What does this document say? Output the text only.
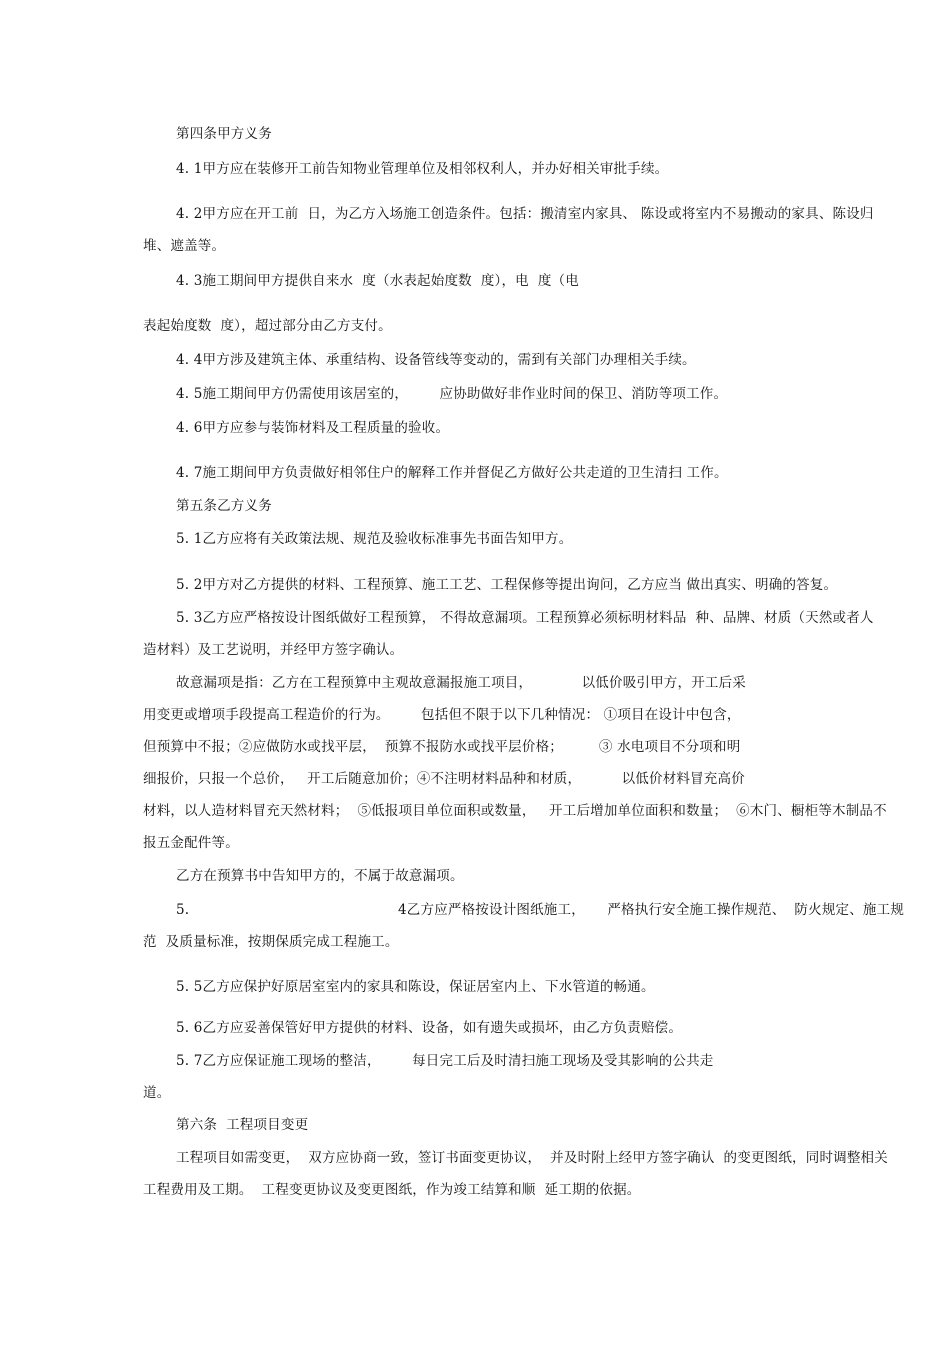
第四条甲方义务
4. 1甲方应在装修开工前告知物业管理单位及相邻权利人，并办好相关审批手续。
4. 2甲方应在开工前  日，为乙方入场施工创造条件。包括：搬清室内家具、 陈设或将室内不易搬动的家具、陈设归
堆、遮盖等。
4. 3施工期间甲方提供自来水  度（水表起始度数  度），电  度（电
表起始度数  度），超过部分由乙方支付。
4. 4甲方涉及建筑主体、承重结构、设备管线等变动的，需到有关部门办理相关手续。
4. 5施工期间甲方仍需使用该居室的，       应协助做好非作业时间的保卫、消防等项工作。
4. 6甲方应参与装饰材料及工程质量的验收。
4. 7施工期间甲方负责做好相邻住户的解释工作并督促乙方做好公共走道的卫生清扫 工作。
第五条乙方义务
5. 1乙方应将有关政策法规、规范及验收标准事先书面告知甲方。
5. 2甲方对乙方提供的材料、工程预算、施工工艺、工程保修等提出询问，乙方应当 做出真实、明确的答复。
5. 3乙方应严格按设计图纸做好工程预算， 不得故意漏项。工程预算必须标明材料品  种、品牌、材质（天然或者人
造材料）及工艺说明，并经甲方签字确认。
故意漏项是指：乙方在工程预算中主观故意漏报施工项目，           以低价吸引甲方，开工后采
用变更或增项手段提高工程造价的行为。       包括但不限于以下几种情况： ①项目在设计中包含，
但预算中不报；②应做防水或找平层，  预算不报防水或找平层价格；        ③ 水电项目不分项和明
细报价，只报一个总价，   开工后随意加价；④不注明材料品种和材质，         以低价材料冒充高价
材料，以人造材料冒充天然材料；  ⑤低报项目单位面积或数量，   开工后增加单位面积和数量；  ⑥木门、橱柜等木制品不
报五金配件等。
乙方在预算书中告知甲方的，不属于故意漏项。
5.	4乙方应严格按设计图纸施工，     严格执行安全施工操作规范、  防火规定、施工规
范  及质量标准，按期保质完成工程施工。
5. 5乙方应保护好原居室室内的家具和陈设，保证居室内上、下水管道的畅通。
5. 6乙方应妥善保管好甲方提供的材料、设备，如有遗失或损坏，由乙方负责赔偿。
5. 7乙方应保证施工现场的整洁，       每日完工后及时清扫施工现场及受其影响的公共走
道。
第六条  工程项目变更
工程项目如需变更，  双方应协商一致，签订书面变更协议，  并及时附上经甲方签字确认  的变更图纸，同时调整相关
工程费用及工期。  工程变更协议及变更图纸，作为竣工结算和顺  延工期的依据。
